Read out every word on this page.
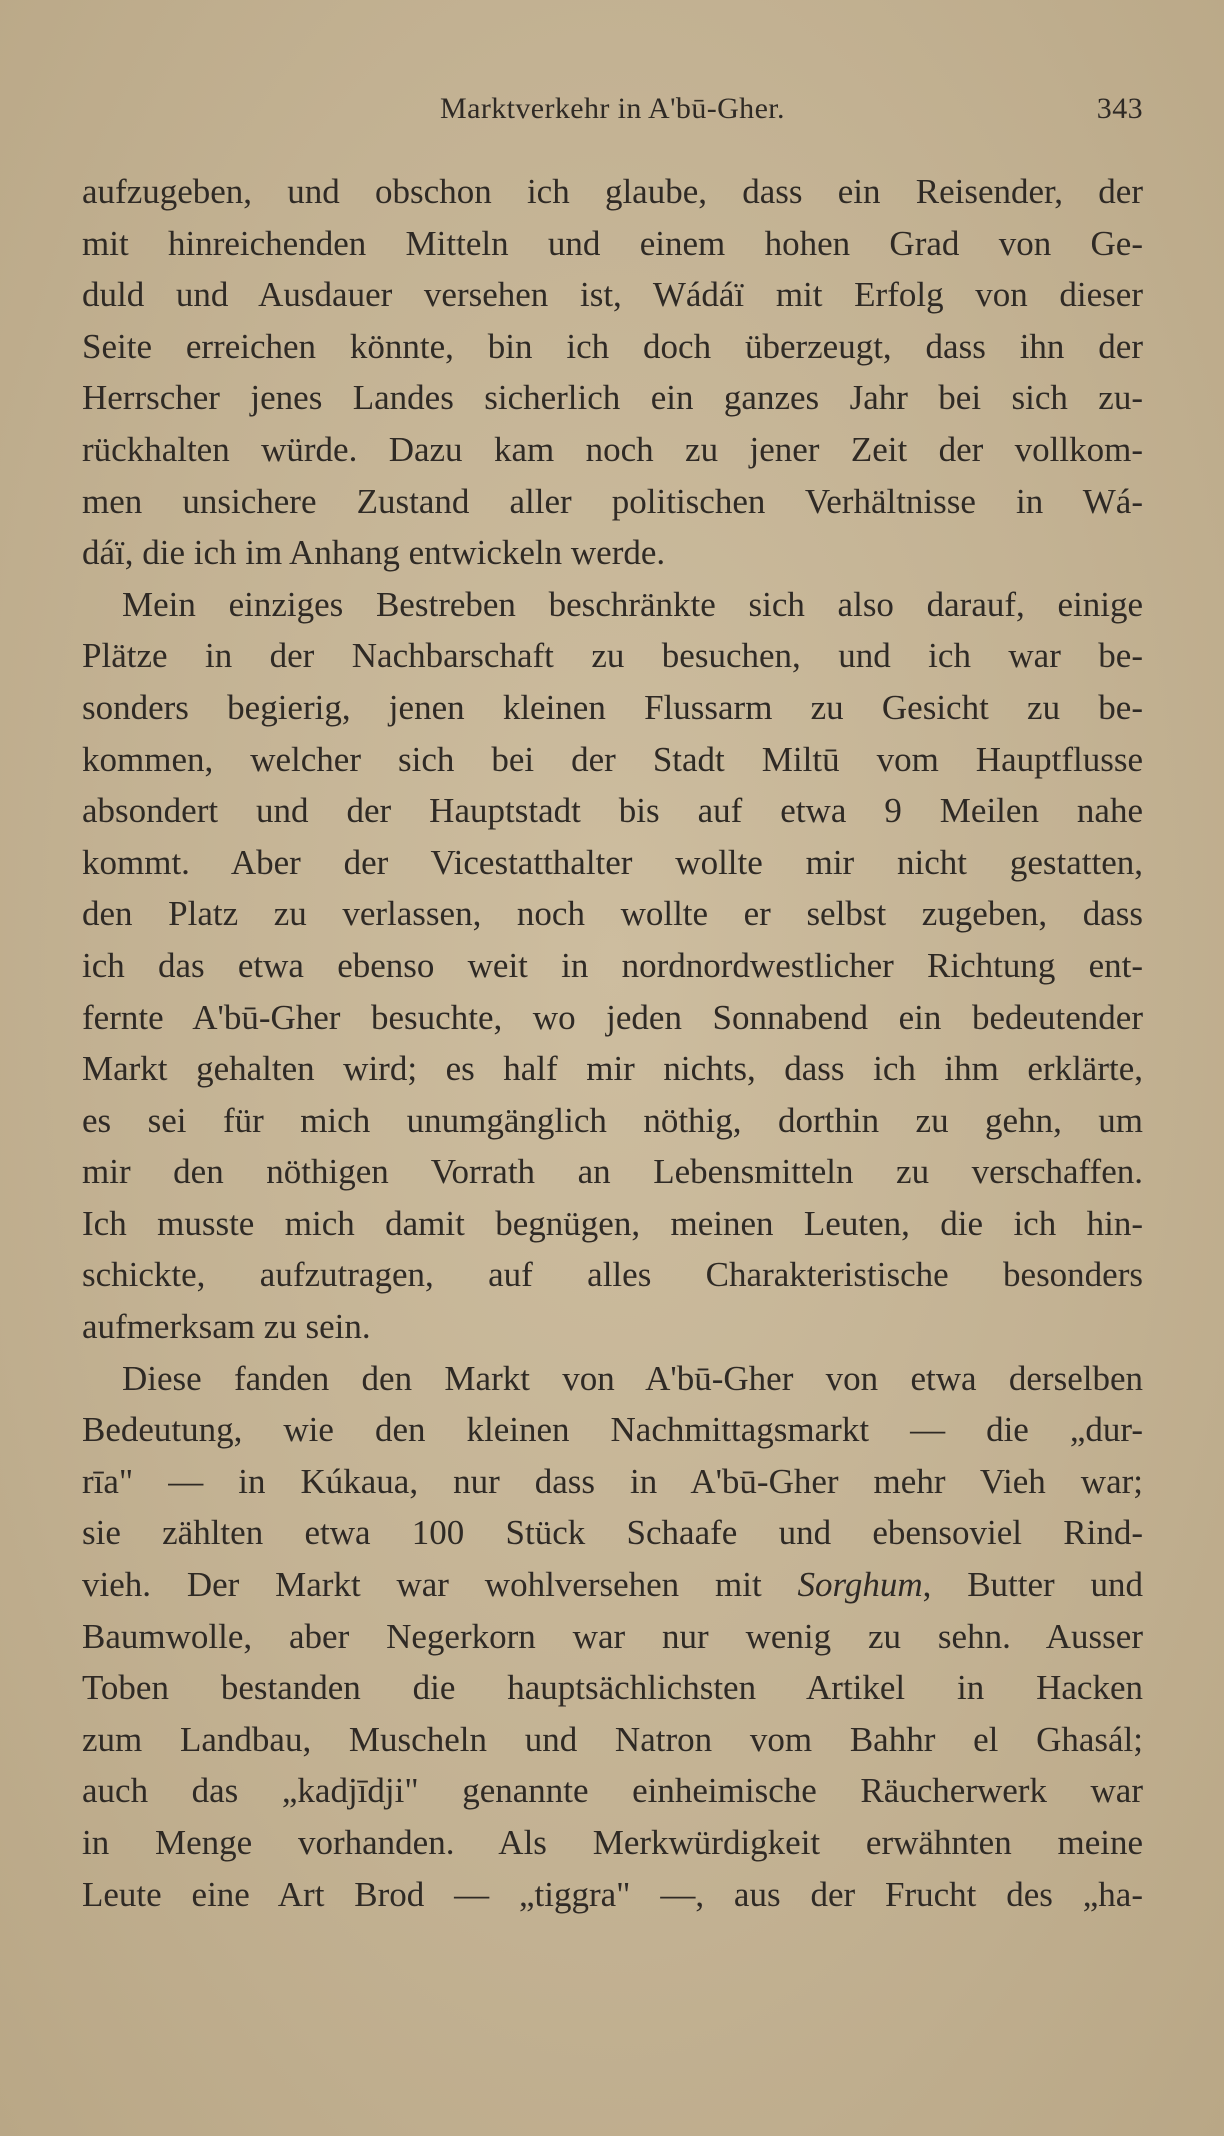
Marktverkehr in A'bū-Gher.	343
aufzugeben, und obschon ich glaube, dass ein Reisender, der
mit hinreichenden Mitteln und einem hohen Grad von Ge-
duld und Ausdauer versehen ist, Wádáï mit Erfolg von dieser
Seite erreichen könnte, bin ich doch überzeugt, dass ihn der
Herrscher jenes Landes sicherlich ein ganzes Jahr bei sich zu-
rückhalten würde. Dazu kam noch zu jener Zeit der vollkom-
men unsichere Zustand aller politischen Verhältnisse in Wá-
dáï, die ich im Anhang entwickeln werde.
Mein einziges Bestreben beschränkte sich also darauf, einige
Plätze in der Nachbarschaft zu besuchen, und ich war be-
sonders begierig, jenen kleinen Flussarm zu Gesicht zu be-
kommen, welcher sich bei der Stadt Miltū vom Hauptflusse
absondert und der Hauptstadt bis auf etwa 9 Meilen nahe
kommt. Aber der Vicestatthalter wollte mir nicht gestatten,
den Platz zu verlassen, noch wollte er selbst zugeben, dass
ich das etwa ebenso weit in nordnordwestlicher Richtung ent-
fernte A'bū-Gher besuchte, wo jeden Sonnabend ein bedeutender
Markt gehalten wird; es half mir nichts, dass ich ihm erklärte,
es sei für mich unumgänglich nöthig, dorthin zu gehn, um
mir den nöthigen Vorrath an Lebensmitteln zu verschaffen.
Ich musste mich damit begnügen, meinen Leuten, die ich hin-
schickte, aufzutragen, auf alles Charakteristische besonders
aufmerksam zu sein.
Diese fanden den Markt von A'bū-Gher von etwa derselben
Bedeutung, wie den kleinen Nachmittagsmarkt — die „dur-
rīa" — in Kúkaua, nur dass in A'bū-Gher mehr Vieh war;
sie zählten etwa 100 Stück Schaafe und ebensoviel Rind-
vieh. Der Markt war wohlversehen mit Sorghum, Butter und
Baumwolle, aber Negerkorn war nur wenig zu sehn. Ausser
Toben bestanden die hauptsächlichsten Artikel in Hacken
zum Landbau, Muscheln und Natron vom Bahhr el Ghasál;
auch das „kadjīdji" genannte einheimische Räucherwerk war
in Menge vorhanden. Als Merkwürdigkeit erwähnten meine
Leute eine Art Brod — „tiggra" —, aus der Frucht des „ha-
